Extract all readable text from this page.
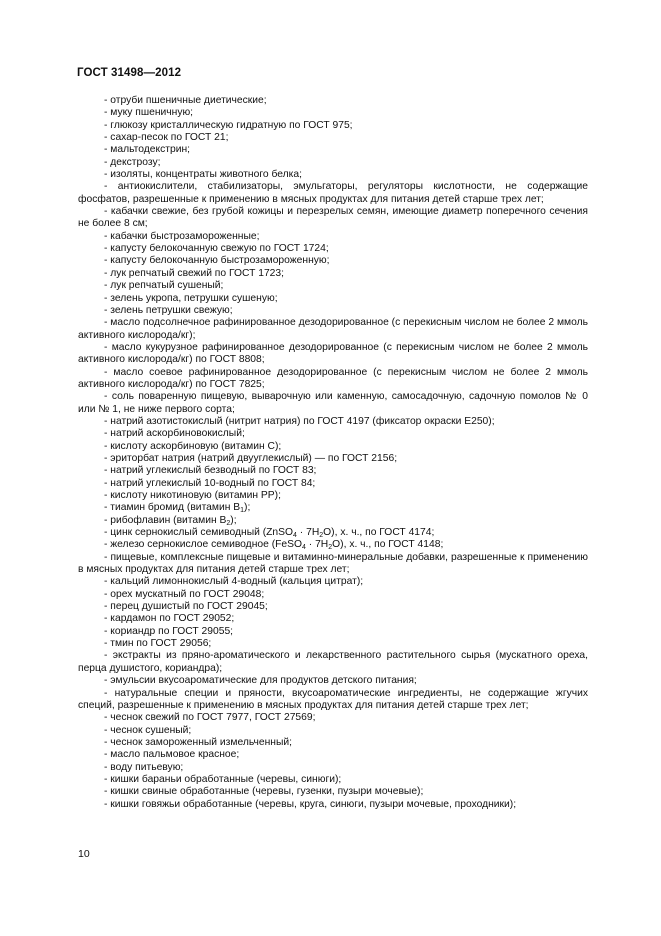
ГОСТ 31498—2012

- отруби пшеничные диетические;

- муку пшеничную;

- глюкозу кристаллическую гидратную по ГОСТ 975;

- сахар-песок по ГОСТ 21;

- мальтодекстрин;

- декстрозу;

- изоляты, концентраты животного белка;

- антиокислители, стабилизаторы, эмульгаторы, регуляторы кислотности, не содержащие фосфатов, разрешенные к применению в мясных продуктах для питания детей старше трех лет;

- кабачки свежие, без грубой кожицы и перезрелых семян, имеющие диаметр поперечного сечения не более 8 см;

- кабачки быстрозамороженные;

- капусту белокочанную свежую по ГОСТ 1724;

- капусту белокочанную быстрозамороженную;

- лук репчатый свежий по ГОСТ 1723;

- лук репчатый сушеный;

- зелень укропа, петрушки сушеную;

- зелень петрушки свежую;

- масло подсолнечное рафинированное дезодорированное (с перекисным числом не более 2 ммоль активного кислорода/кг);

- масло кукурузное рафинированное дезодорированное (с перекисным числом не более 2 ммоль активного кислорода/кг) по ГОСТ 8808;

- масло соевое рафинированное дезодорированное (с перекисным числом не более 2 ммоль активного кислорода/кг) по ГОСТ 7825;

- соль поваренную пищевую, выварочную или каменную, самосадочную, садочную помолов № 0 или № 1, не ниже первого сорта;

- натрий азотистокислый (нитрит натрия) по ГОСТ 4197 (фиксатор окраски Е250);

- натрий аскорбиновокислый;

- кислоту аскорбиновую (витамин С);

- эриторбат натрия (натрий двууглекислый) — по ГОСТ 2156;

- натрий углекислый безводный по ГОСТ 83;

- натрий углекислый 10-водный по ГОСТ 84;

- кислоту никотиновую (витамин РР);

- тиамин бромид (витамин $В_1$);

- рибофлавин (витамин $В_2$);

- цинк сернокислый семиводный (ZnSO$_4$ · $7H_2O$), х. ч., по ГОСТ 4174;

- железо сернокислое семиводное (FeSO$_4$ · $7H_2O$), х. ч., по ГОСТ 4148;

- пищевые, комплексные пищевые и витаминно-минеральные добавки, разрешенные к применению в мясных продуктах для питания детей старше трех лет;

- кальций лимоннокислый 4-водный (кальция цитрат);

- орех мускатный по ГОСТ 29048;

- перец душистый по ГОСТ 29045;

- кардамон по ГОСТ 29052;

- кориандр по ГОСТ 29055;

- тмин по ГОСТ 29056;

- экстракты из пряно-ароматического и лекарственного растительного сырья (мускатного ореха, перца душистого, кориандра);

- эмульсии вкусоароматические для продуктов детского питания;

- натуральные специи и пряности, вкусоароматические ингредиенты, не содержащие жгучих специй, разрешенные к применению в мясных продуктах для питания детей старше трех лет;

- чеснок свежий по ГОСТ 7977, ГОСТ 27569;

- чеснок сушеный;

- чеснок замороженный измельченный;

- масло пальмовое красное;

- воду питьевую;

- кишки бараньи обработанные (черевы, синюги);

- кишки свиные обработанные (черевы, гузенки, пузыри мочевые);

- кишки говяжьи обработанные (черевы, круга, синюги, пузыри мочевые, проходники);

10
